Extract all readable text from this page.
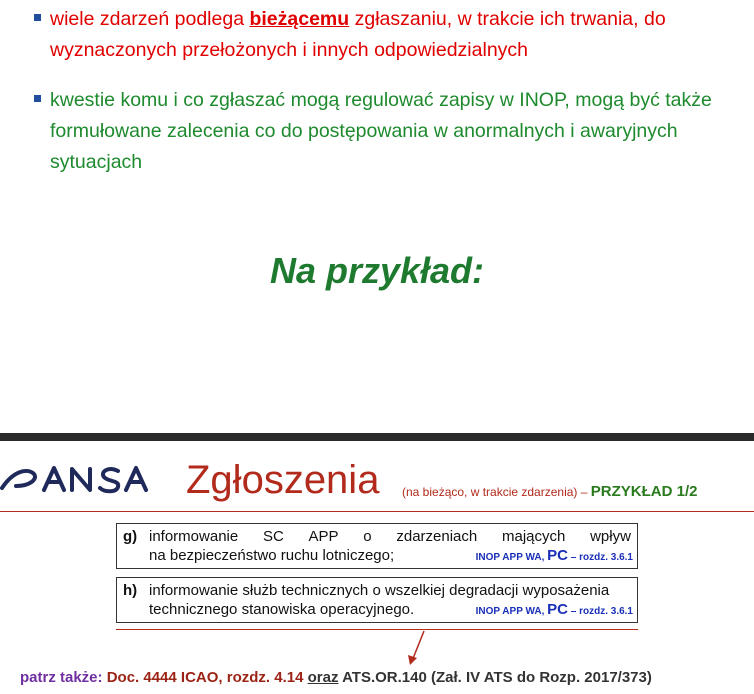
wiele zdarzeń podlega bieżącemu zgłaszaniu, w trakcie ich trwania, do wyznaczonych przełożonych i innych odpowiedzialnych
kwestie komu i co zgłaszać mogą regulować zapisy w INOP, mogą być także formułowane zalecenia co do postępowania w anormalnych i awaryjnych sytuacjach
Na przykład:
Zgłoszenia (na bieżąco, w trakcie zdarzenia) – PRZYKŁAD 1/2
g) informowanie SC APP o zdarzeniach mających wpływ
na bezpieczeństwo ruchu lotniczego;	INOP APP WA, PC – rozdz. 3.6.1
h) informowanie służb technicznych o wszelkiej degradacji wyposażenia
technicznego stanowiska operacyjnego.	INOP APP WA, PC – rozdz. 3.6.1
patrz także: Doc. 4444 ICAO, rozdz. 4.14 oraz ATS.OR.140 (Zał. IV ATS do Rozp. 2017/373)
